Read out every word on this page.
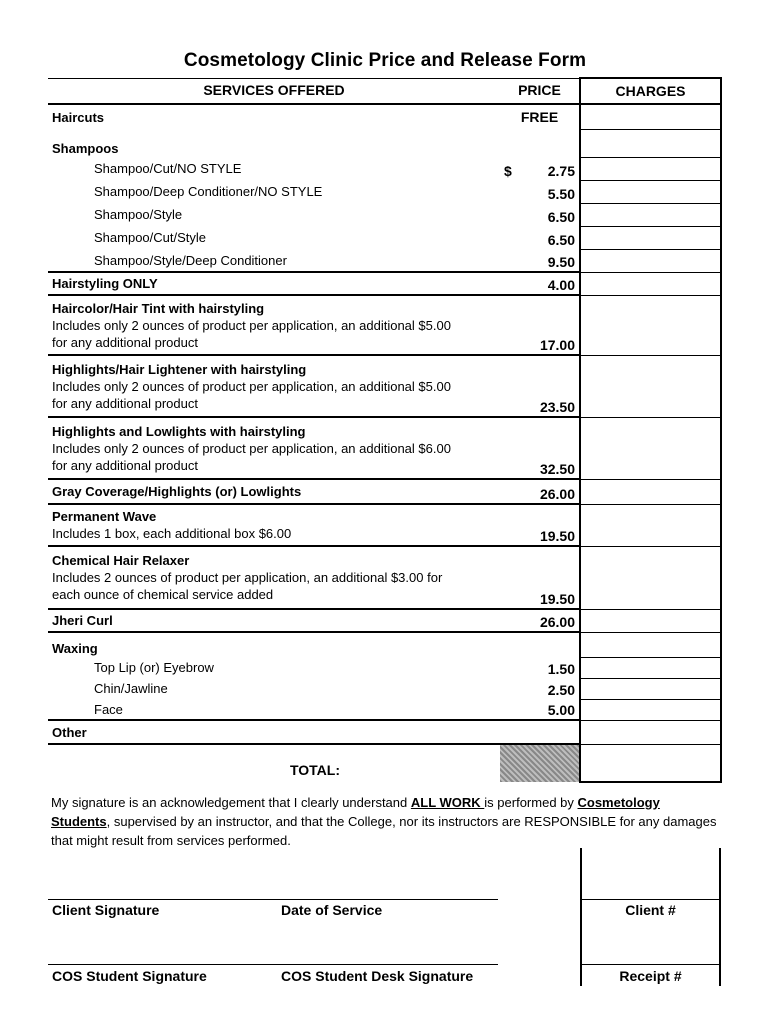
Cosmetology Clinic Price and Release Form
SERVICES OFFERED	PRICE	CHARGES
Haircuts	FREE	
Shampoos		
Shampoo/Cut/NO STYLE	$ 2.75	
Shampoo/Deep Conditioner/NO STYLE	5.50	
Shampoo/Style	6.50	
Shampoo/Cut/Style	6.50	
Shampoo/Style/Deep Conditioner	9.50	
Hairstyling ONLY	4.00	

Haircolor/Hair Tint with hairstyling
Includes only 2 ounces of product per application, an additional $5.00
for any additional product	17.00	

Highlights/Hair Lightener with hairstyling
Includes only 2 ounces of product per application, an additional $5.00
for any additional product	23.50	

Highlights and Lowlights with hairstyling
Includes only 2 ounces of product per application, an additional $6.00
for any additional product	32.50	
Gray Coverage/Highlights (or) Lowlights	26.00	

Permanent Wave
Includes 1 box, each additional box $6.00	19.50	

Chemical Hair Relaxer
Includes 2 ounces of product per application, an additional $3.00 for
each ounce of chemical service added	19.50	
Jheri Curl	26.00	
Waxing		
Top Lip (or) Eyebrow	1.50	
Chin/Jawline	2.50	
Face	5.00	
Other		
TOTAL:		
My signature is an acknowledgement that I clearly understand ALL WORK is performed by Cosmetology Students, supervised by an instructor, and that the College, nor its instructors are RESPONSIBLE for any damages that might result from services performed.
Client Signature	Date of Service	Client #
COS Student Signature	COS Student Desk Signature	Receipt #
